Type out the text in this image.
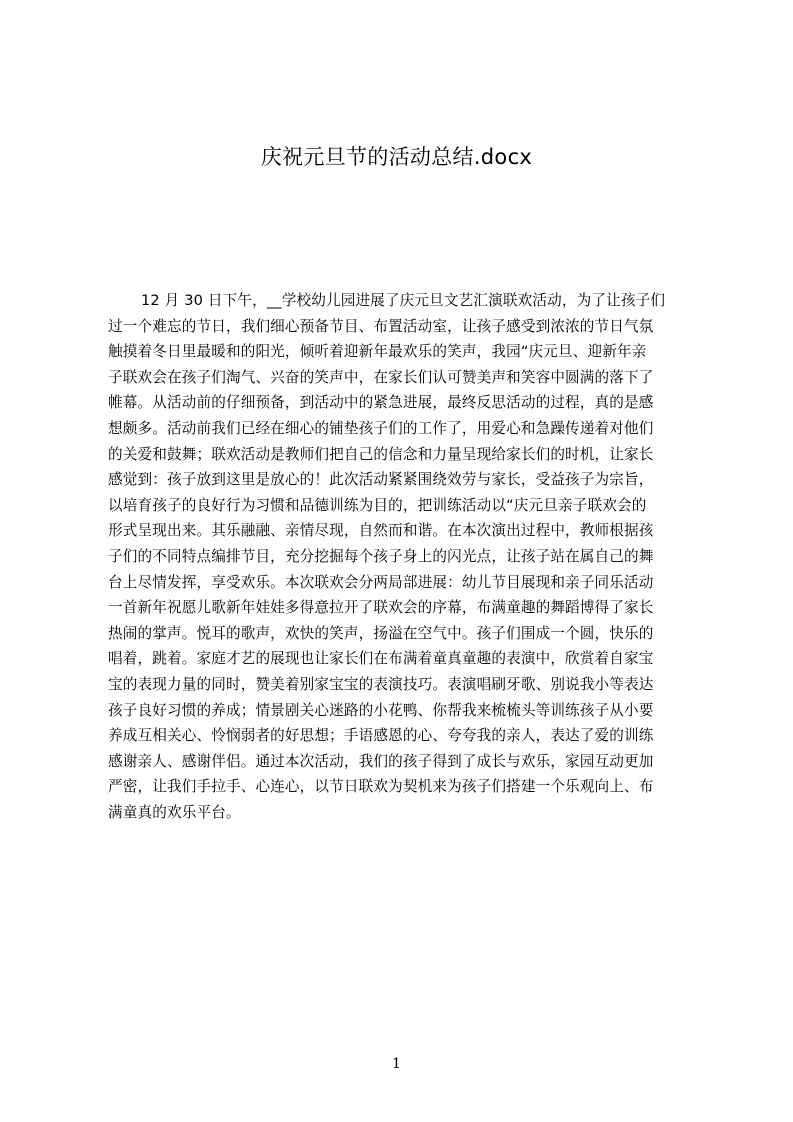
庆祝元旦节的活动总结.docx
12 月 30 日下午，__学校幼儿园进展了庆元旦文艺汇演联欢活动，为了让孩子们
过一个难忘的节日，我们细心预备节目、布置活动室，让孩子感受到浓浓的节日气氛
触摸着冬日里最暖和的阳光，倾听着迎新年最欢乐的笑声，我园“庆元旦、迎新年亲
子联欢会在孩子们淘气、兴奋的笑声中，在家长们认可赞美声和笑容中圆满的落下了
帷幕。从活动前的仔细预备，到活动中的紧急进展，最终反思活动的过程，真的是感
想颇多。活动前我们已经在细心的铺垫孩子们的工作了，用爱心和急躁传递着对他们
的关爱和鼓舞；联欢活动是教师们把自己的信念和力量呈现给家长们的时机，让家长
感觉到：孩子放到这里是放心的！此次活动紧紧围绕效劳与家长，受益孩子为宗旨，
以培育孩子的良好行为习惯和品德训练为目的，把训练活动以“庆元旦亲子联欢会的
形式呈现出来。其乐融融、亲情尽现，自然而和谐。在本次演出过程中，教师根据孩
子们的不同特点编排节目，充分挖掘每个孩子身上的闪光点，让孩子站在属自己的舞
台上尽情发挥，享受欢乐。本次联欢会分两局部进展：幼儿节目展现和亲子同乐活动
一首新年祝愿儿歌新年娃娃多得意拉开了联欢会的序幕，布满童趣的舞蹈博得了家长
热闹的掌声。悦耳的歌声，欢快的笑声，扬溢在空气中。孩子们围成一个圆，快乐的
唱着，跳着。家庭才艺的展现也让家长们在布满着童真童趣的表演中，欣赏着自家宝
宝的表现力量的同时，赞美着别家宝宝的表演技巧。表演唱刷牙歌、别说我小等表达
孩子良好习惯的养成；情景剧关心迷路的小花鸭、你帮我来梳梳头等训练孩子从小要
养成互相关心、怜悯弱者的好思想；手语感恩的心、夸夸我的亲人，表达了爱的训练
感谢亲人、感谢伴侣。通过本次活动，我们的孩子得到了成长与欢乐，家园互动更加
严密，让我们手拉手、心连心，以节日联欢为契机来为孩子们搭建一个乐观向上、布
满童真的欢乐平台。
1
